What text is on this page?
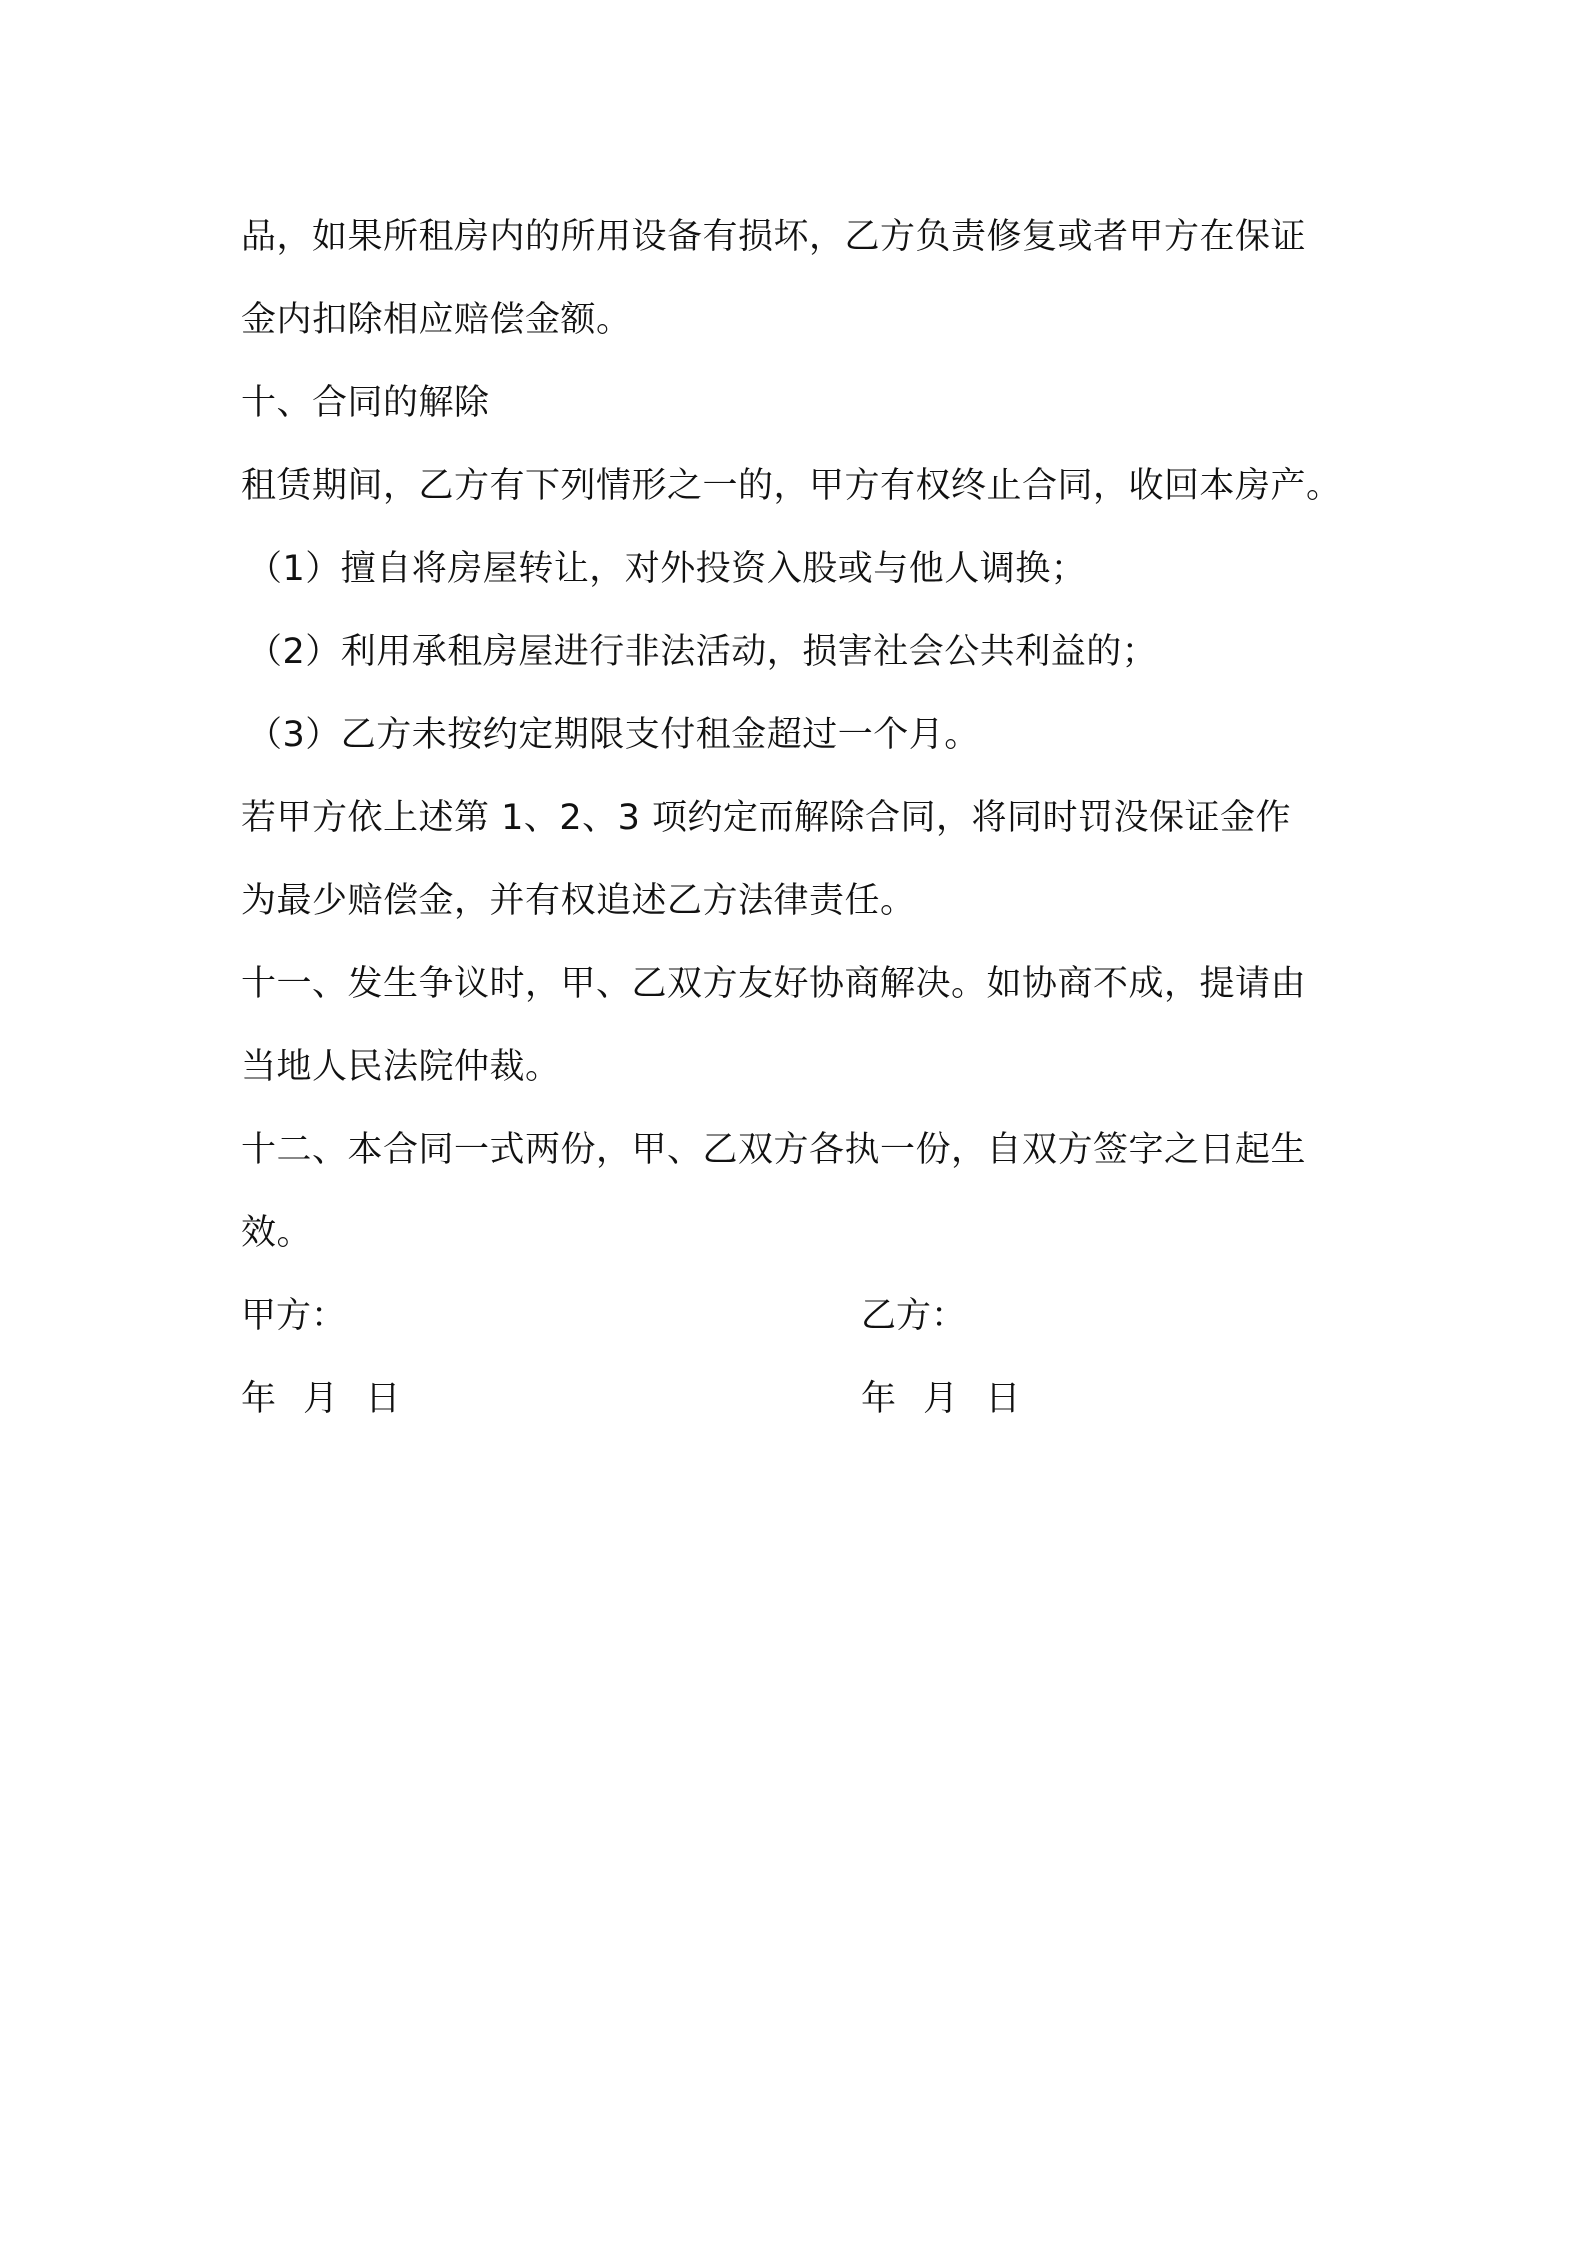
品，如果所租房内的所用设备有损坏，乙方负责修复或者甲方在保证
金内扣除相应赔偿金额。
十、合同的解除
租赁期间，乙方有下列情形之一的，甲方有权终止合同，收回本房产。
（1）擅自将房屋转让，对外投资入股或与他人调换；
（2）利用承租房屋进行非法活动，损害社会公共利益的；
（3）乙方未按约定期限支付租金超过一个月。
若甲方依上述第 1、2、3 项约定而解除合同，将同时罚没保证金作
为最少赔偿金，并有权追述乙方法律责任。
十一、发生争议时，甲、乙双方友好协商解决。如协商不成，提请由
当地人民法院仲裁。
十二、本合同一式两份，甲、乙双方各执一份，自双方签字之日起生
效。
甲方：	乙方：
年 月 日	年 月 日
